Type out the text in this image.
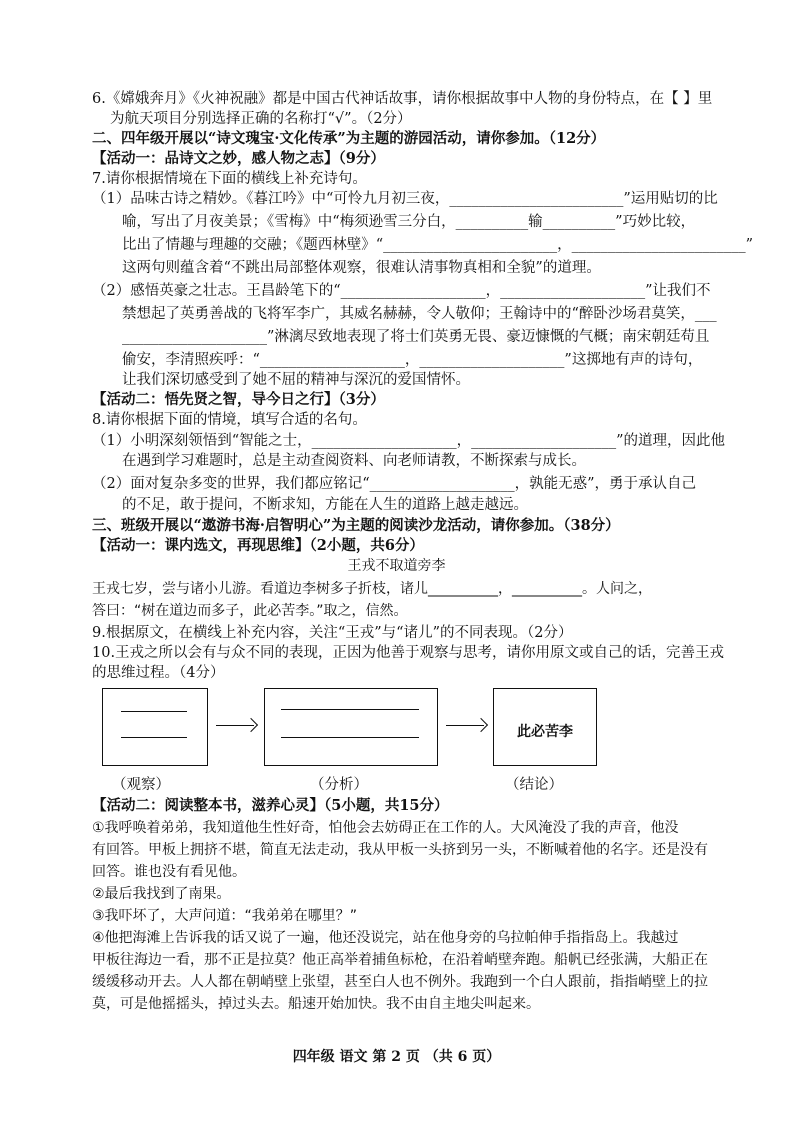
6.《嫦娥奔月》《火神祝融》都是中国古代神话故事，请你根据故事中人物的身份特点，在【 】里
为航天项目分别选择正确的名称打“√”。（2分）
二、四年级开展以“诗文瑰宝·文化传承”为主题的游园活动，请你参加。（12分）
【活动一：品诗文之妙，感人物之志】（9分）
7.请你根据情境在下面的横线上补充诗句。
（1）品味古诗之精妙。《暮江吟》中“可怜九月初三夜，________________________”运用贴切的比
喻，写出了月夜美景；《雪梅》中“梅须逊雪三分白，__________输__________”巧妙比较，
比出了情趣与理趣的交融；《题西林壁》“________________________，________________________”
这两句则蕴含着“不跳出局部整体观察，很难认清事物真相和全貌”的道理。
（2）感悟英豪之壮志。王昌龄笔下的“____________________，____________________”让我们不
禁想起了英勇善战的飞将军李广，其威名赫赫，令人敬仰；王翰诗中的“醉卧沙场君莫笑，___
____________________”淋漓尽致地表现了将士们英勇无畏、豪迈慷慨的气概；南宋朝廷苟且
偷安，李清照疾呼：“____________________，____________________”这掷地有声的诗句，
让我们深切感受到了她不屈的精神与深沉的爱国情怀。
【活动二：悟先贤之智，导今日之行】（3分）
8.请你根据下面的情境，填写合适的名句。
（1）小明深刻领悟到“智能之士，____________________，____________________”的道理，因此他
在遇到学习难题时，总是主动查阅资料、向老师请教，不断探索与成长。
（2）面对复杂多变的世界，我们都应铭记“____________________，孰能无惑”，勇于承认自己
的不足，敢于提问，不断求知，方能在人生的道路上越走越远。
三、班级开展以“遨游书海·启智明心”为主题的阅读沙龙活动，请你参加。（38分）
【活动一：课内选文，再现思维】（2小题，共6分）
王戎不取道旁李
王戎七岁，尝与诸小儿游。看道边李树多子折枝，诸儿__________，__________。人问之，
答曰：“树在道边而多子，此必苦李。”取之，信然。
9.根据原文，在横线上补充内容，关注“王戎”与“诸儿”的不同表现。（2分）
10.王戎之所以会有与众不同的表现，正因为他善于观察与思考，请你用原文或自己的话，完善王戎
的思维过程。（4分）
此必苦李
（观察）	（分析）	（结论）
【活动二：阅读整本书，滋养心灵】（5小题，共15分）
①我呼唤着弟弟，我知道他生性好奇，怕他会去妨碍正在工作的人。大风淹没了我的声音，他没
有回答。甲板上拥挤不堪，简直无法走动，我从甲板一头挤到另一头，不断喊着他的名字。还是没有
回答。谁也没有看见他。
②最后我找到了南果。
③我吓坏了，大声问道：“我弟弟在哪里？”
④他把海滩上告诉我的话又说了一遍，他还没说完，站在他身旁的乌拉帕伸手指指岛上。我越过
甲板往海边一看，那不正是拉莫？他正高举着捕鱼标枪，在沿着峭壁奔跑。船帆已经张满，大船正在
缓缓移动开去。人人都在朝峭壁上张望，甚至白人也不例外。我跑到一个白人跟前，指指峭壁上的拉
莫，可是他摇摇头，掉过头去。船速开始加快。我不由自主地尖叫起来。
四年级 语文 第 2 页 （共 6 页）
